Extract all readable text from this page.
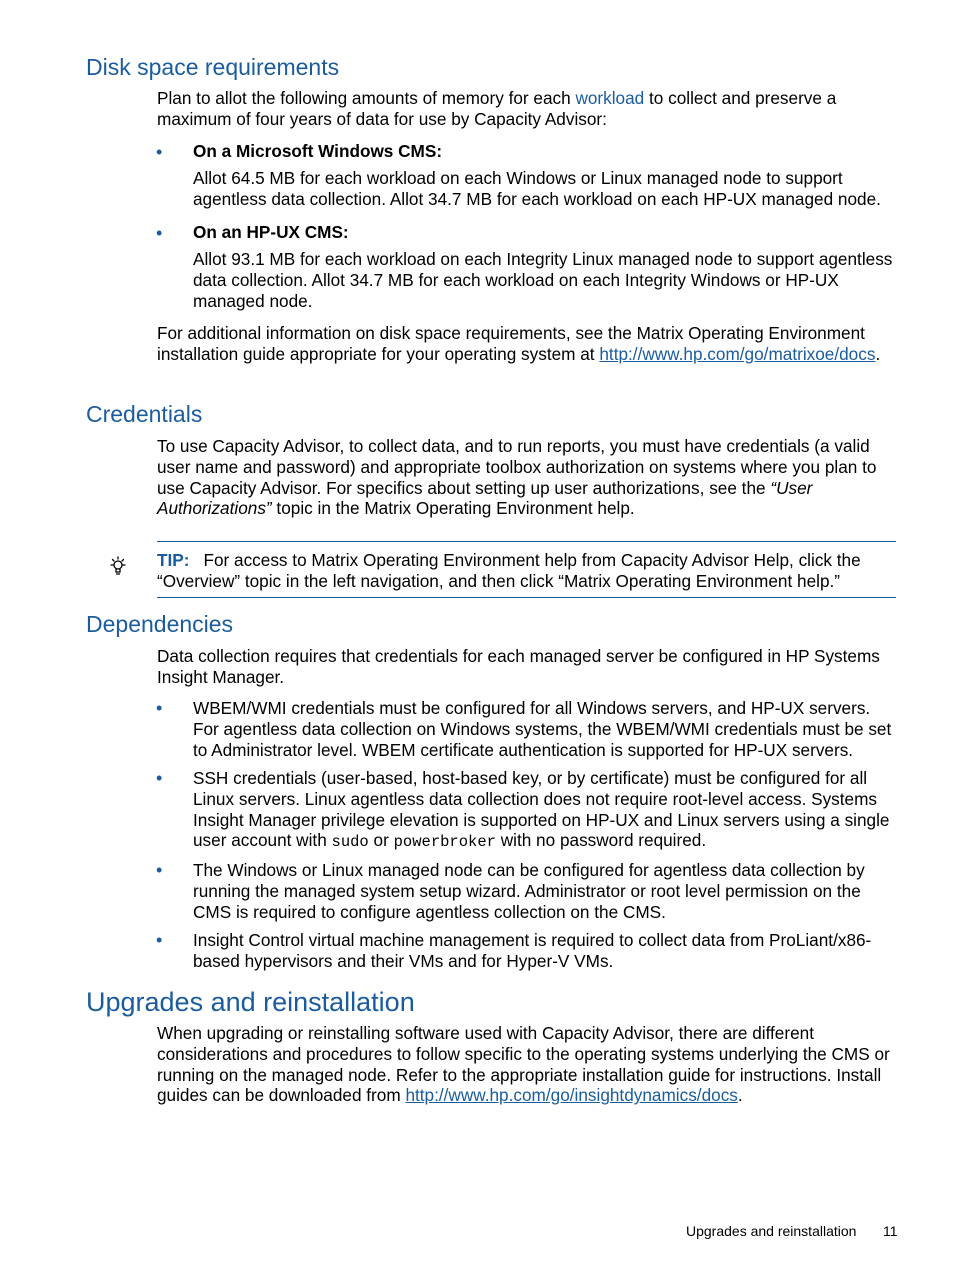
Disk space requirements

Plan to allot the following amounts of memory for each workload to collect and preserve a maximum of four years of data for use by Capacity Advisor:

• On a Microsoft Windows CMS:

Allot 64.5 MB for each workload on each Windows or Linux managed node to support agentless data collection. Allot 34.7 MB for each workload on each HP-UX managed node.

• On an HP-UX CMS:

Allot 93.1 MB for each workload on each Integrity Linux managed node to support agentless data collection. Allot 34.7 MB for each workload on each Integrity Windows or HP-UX managed node.

For additional information on disk space requirements, see the Matrix Operating Environment installation guide appropriate for your operating system at http://www.hp.com/go/matrixoe/docs.

Credentials

To use Capacity Advisor, to collect data, and to run reports, you must have credentials (a valid user name and password) and appropriate toolbox authorization on systems where you plan to use Capacity Advisor. For specifics about setting up user authorizations, see the “User Authorizations” topic in the Matrix Operating Environment help.

TIP: For access to Matrix Operating Environment help from Capacity Advisor Help, click the “Overview” topic in the left navigation, and then click “Matrix Operating Environment help.”

Dependencies

Data collection requires that credentials for each managed server be configured in HP Systems Insight Manager.

• WBEM/WMI credentials must be configured for all Windows servers, and HP-UX servers. For agentless data collection on Windows systems, the WBEM/WMI credentials must be set to Administrator level. WBEM certificate authentication is supported for HP-UX servers.

• SSH credentials (user-based, host-based key, or by certificate) must be configured for all Linux servers. Linux agentless data collection does not require root-level access. Systems Insight Manager privilege elevation is supported on HP-UX and Linux servers using a single user account with sudo or powerbroker with no password required.

• The Windows or Linux managed node can be configured for agentless data collection by running the managed system setup wizard. Administrator or root level permission on the CMS is required to configure agentless collection on the CMS.

• Insight Control virtual machine management is required to collect data from ProLiant/x86-based hypervisors and their VMs and for Hyper-V VMs.

Upgrades and reinstallation

When upgrading or reinstalling software used with Capacity Advisor, there are different considerations and procedures to follow specific to the operating systems underlying the CMS or running on the managed node. Refer to the appropriate installation guide for instructions. Install guides can be downloaded from http://www.hp.com/go/insightdynamics/docs.

Upgrades and reinstallation 11
